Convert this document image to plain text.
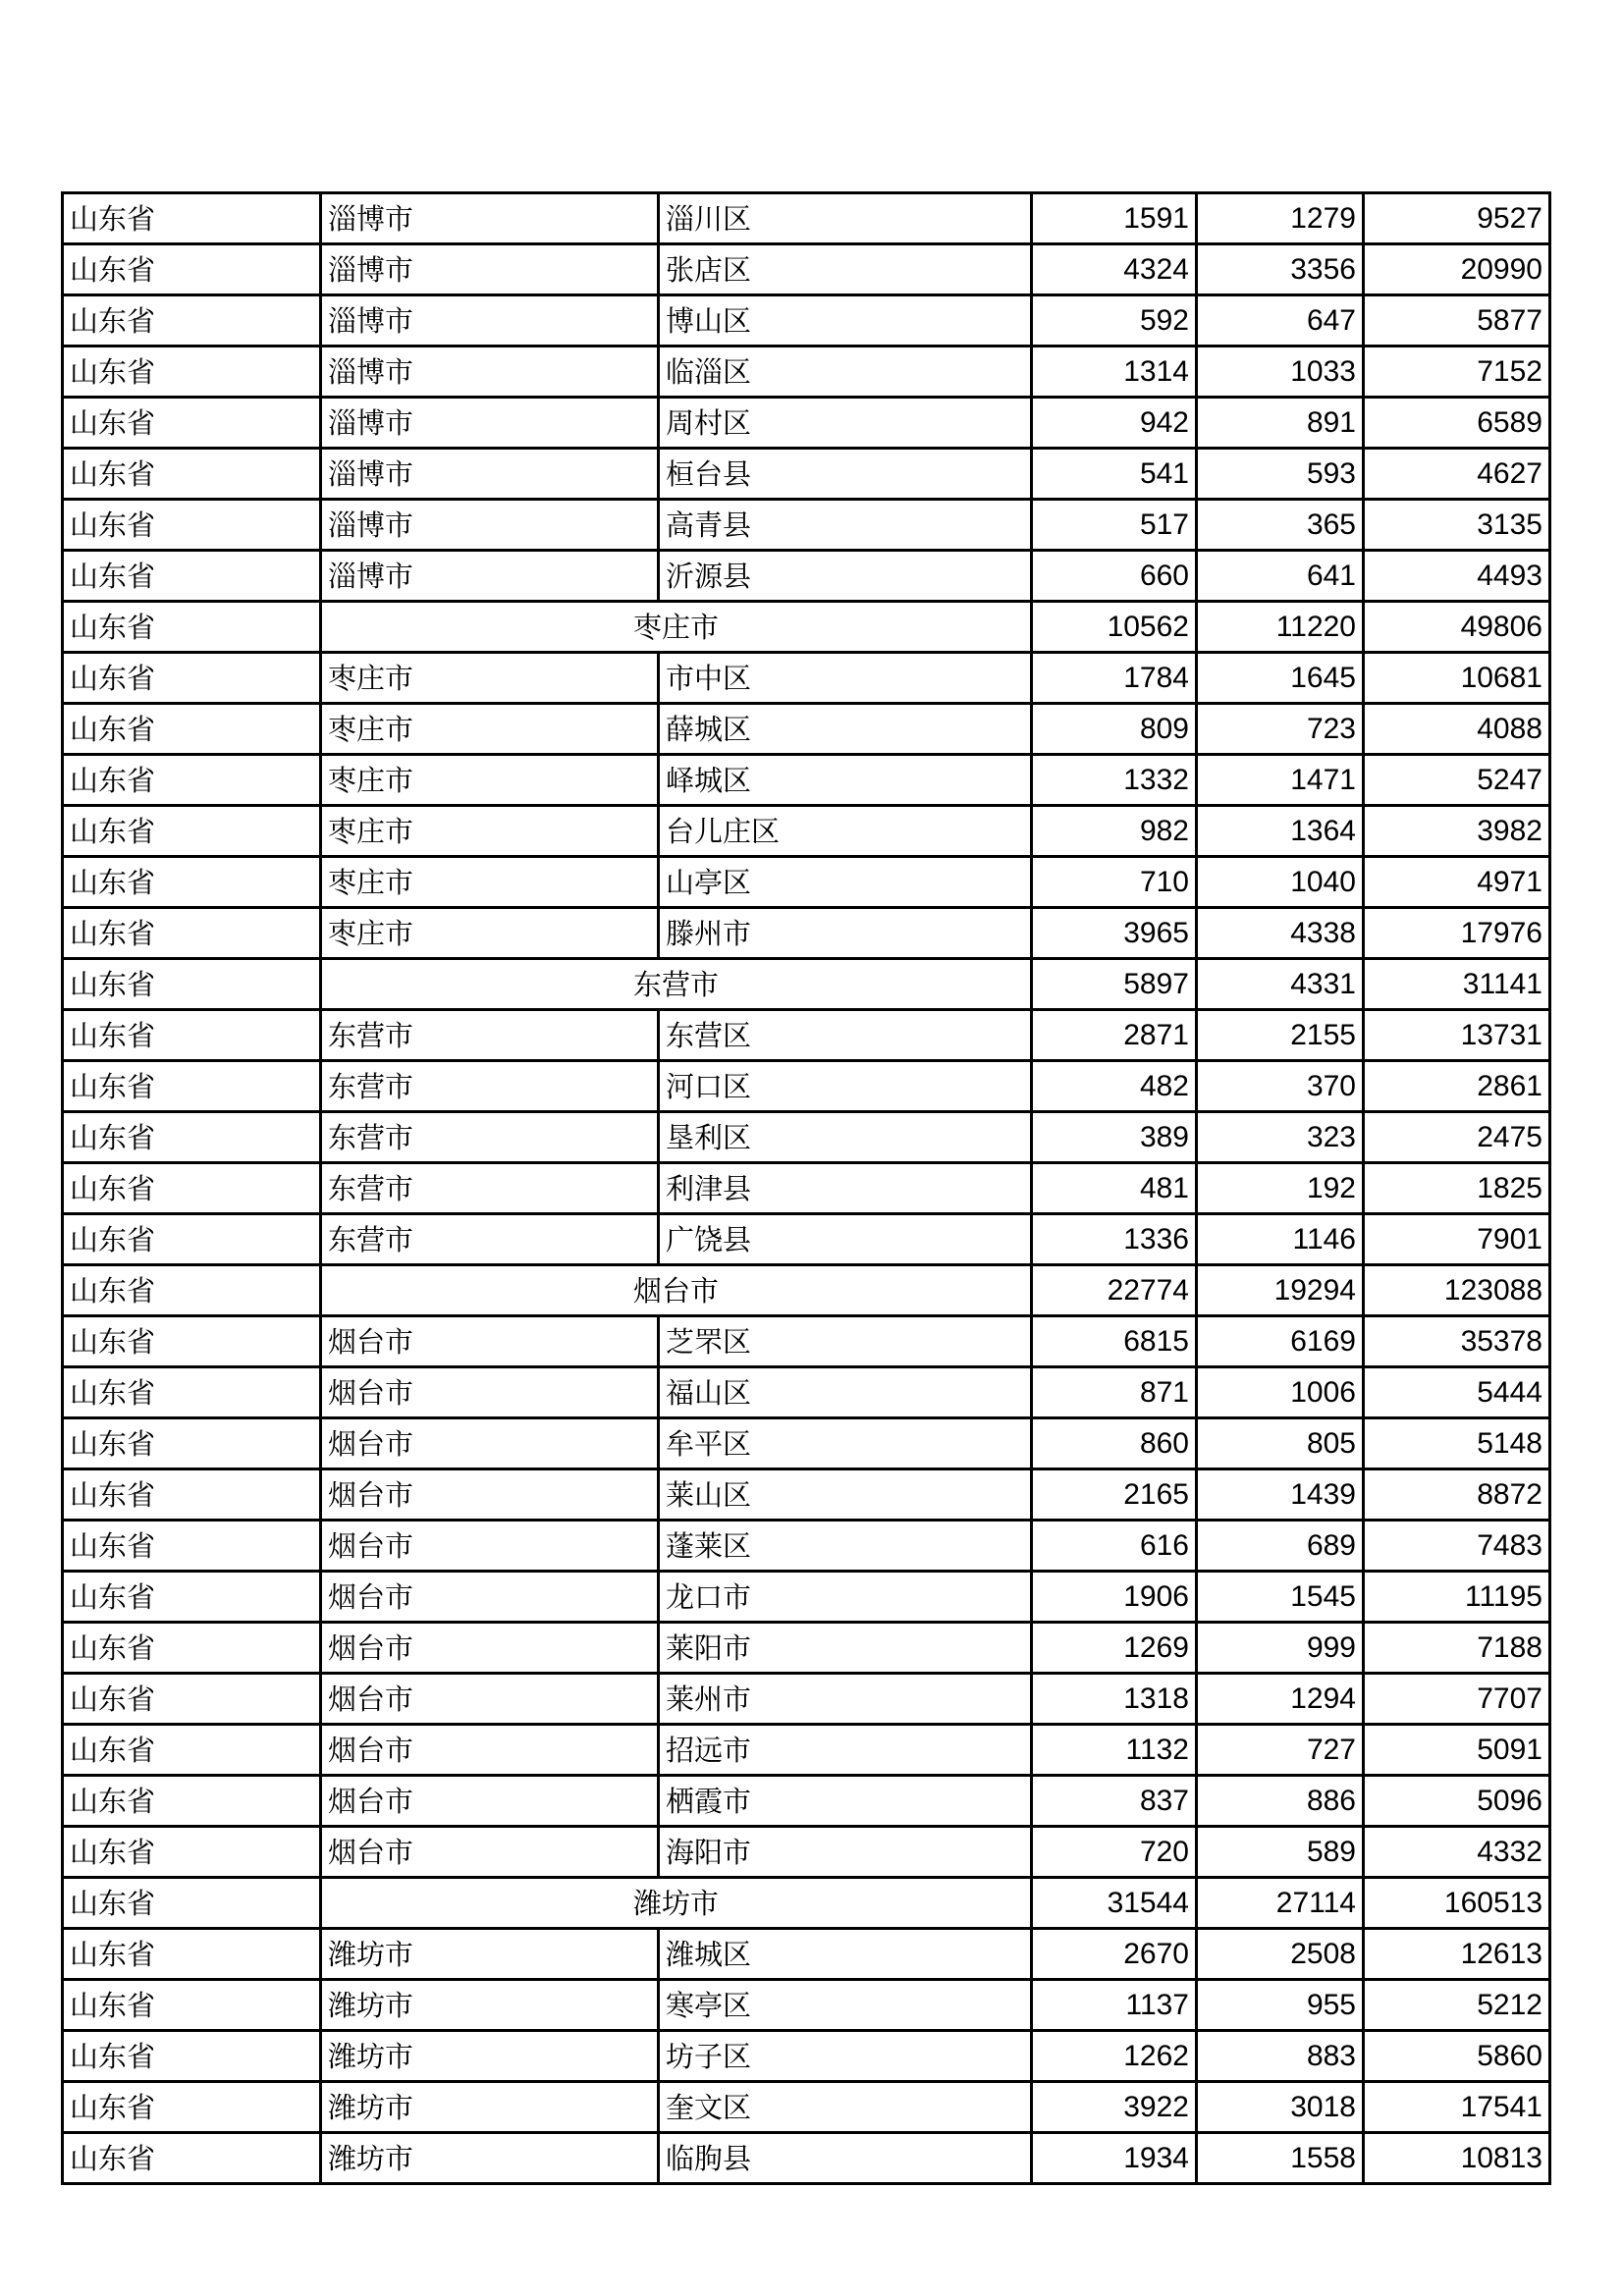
山东省	淄博市	淄川区	1591	1279	9527
山东省	淄博市	张店区	4324	3356	20990
山东省	淄博市	博山区	592	647	5877
山东省	淄博市	临淄区	1314	1033	7152
山东省	淄博市	周村区	942	891	6589
山东省	淄博市	桓台县	541	593	4627
山东省	淄博市	高青县	517	365	3135
山东省	淄博市	沂源县	660	641	4493
山东省	枣庄市		10562	11220	49806
山东省	枣庄市	市中区	1784	1645	10681
山东省	枣庄市	薛城区	809	723	4088
山东省	枣庄市	峄城区	1332	1471	5247
山东省	枣庄市	台儿庄区	982	1364	3982
山东省	枣庄市	山亭区	710	1040	4971
山东省	枣庄市	滕州市	3965	4338	17976
山东省	东营市		5897	4331	31141
山东省	东营市	东营区	2871	2155	13731
山东省	东营市	河口区	482	370	2861
山东省	东营市	垦利区	389	323	2475
山东省	东营市	利津县	481	192	1825
山东省	东营市	广饶县	1336	1146	7901
山东省	烟台市		22774	19294	123088
山东省	烟台市	芝罘区	6815	6169	35378
山东省	烟台市	福山区	871	1006	5444
山东省	烟台市	牟平区	860	805	5148
山东省	烟台市	莱山区	2165	1439	8872
山东省	烟台市	蓬莱区	616	689	7483
山东省	烟台市	龙口市	1906	1545	11195
山东省	烟台市	莱阳市	1269	999	7188
山东省	烟台市	莱州市	1318	1294	7707
山东省	烟台市	招远市	1132	727	5091
山东省	烟台市	栖霞市	837	886	5096
山东省	烟台市	海阳市	720	589	4332
山东省	潍坊市		31544	27114	160513
山东省	潍坊市	潍城区	2670	2508	12613
山东省	潍坊市	寒亭区	1137	955	5212
山东省	潍坊市	坊子区	1262	883	5860
山东省	潍坊市	奎文区	3922	3018	17541
山东省	潍坊市	临朐县	1934	1558	10813
